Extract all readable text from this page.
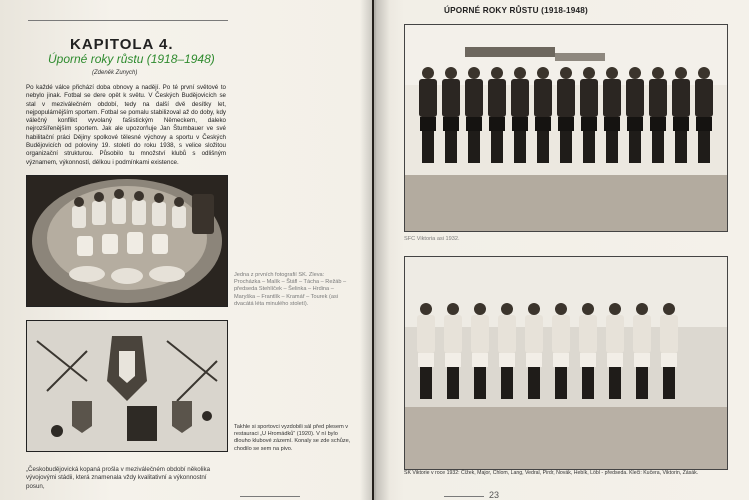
KAPITOLA 4.
Úporné roky růstu (1918–1948)
(Zdeněk Zunych)
Po každé válce přichází doba obnovy a nadějí. Po té první světové to nebylo jinak. Fotbal se dere opět k světu. V Českých Budějovicích se stal v meziválečném období, tedy na další dvě desítky let, nejpopulárnějším sportem. Fotbal se pomalu stabilizoval až do doby, kdy válečný konflikt vyvolaný fašistickým Německem, daleko nejrozšířenějším sportem. Jak ale upozorňuje Jan Štumbauer ve své habilitační práci Dějiny spolkové tělesné výchovy a sportu v Českých Budějovicích od poloviny 19. století do roku 1938, s velice složitou organizační strukturou. Působilo tu množství klubů s odlišným významem, výkonností, délkou i podmínkami existence.
Jedna z prvních fotografií SK. Zleva: Procházka – Malík – Štáfl – Tácha – Režáb – předseda Stehlíček – Šelinka – Hrdina – Maryška – Frantlík – Kramář – Tourek (asi dvacátá léta minulého století).
Takhle si sportovci vyzdobili sál před plesem v restauraci „U Hromádků“ (1920). V ní bylo dlouho klubové zázemí. Konaly se zde schůze, chodilo se sem na pivo.
„Českobudějovická kopaná prošla v meziválečném období několika vývojovými stádii, která znamenala vždy kvalitativní a výkonnostní posun,
ÚPORNÉ ROKY RŮSTU (1918-1948)
SFC Viktoria asi 1932.
SK Viktorie v roce 1932: Čížek, Major, Chlom, Lang, Vedral, Pirdr, Novák, Hebík, Löbl - předseda. Kleči: Kučera, Viktorin, Zásák.
23
